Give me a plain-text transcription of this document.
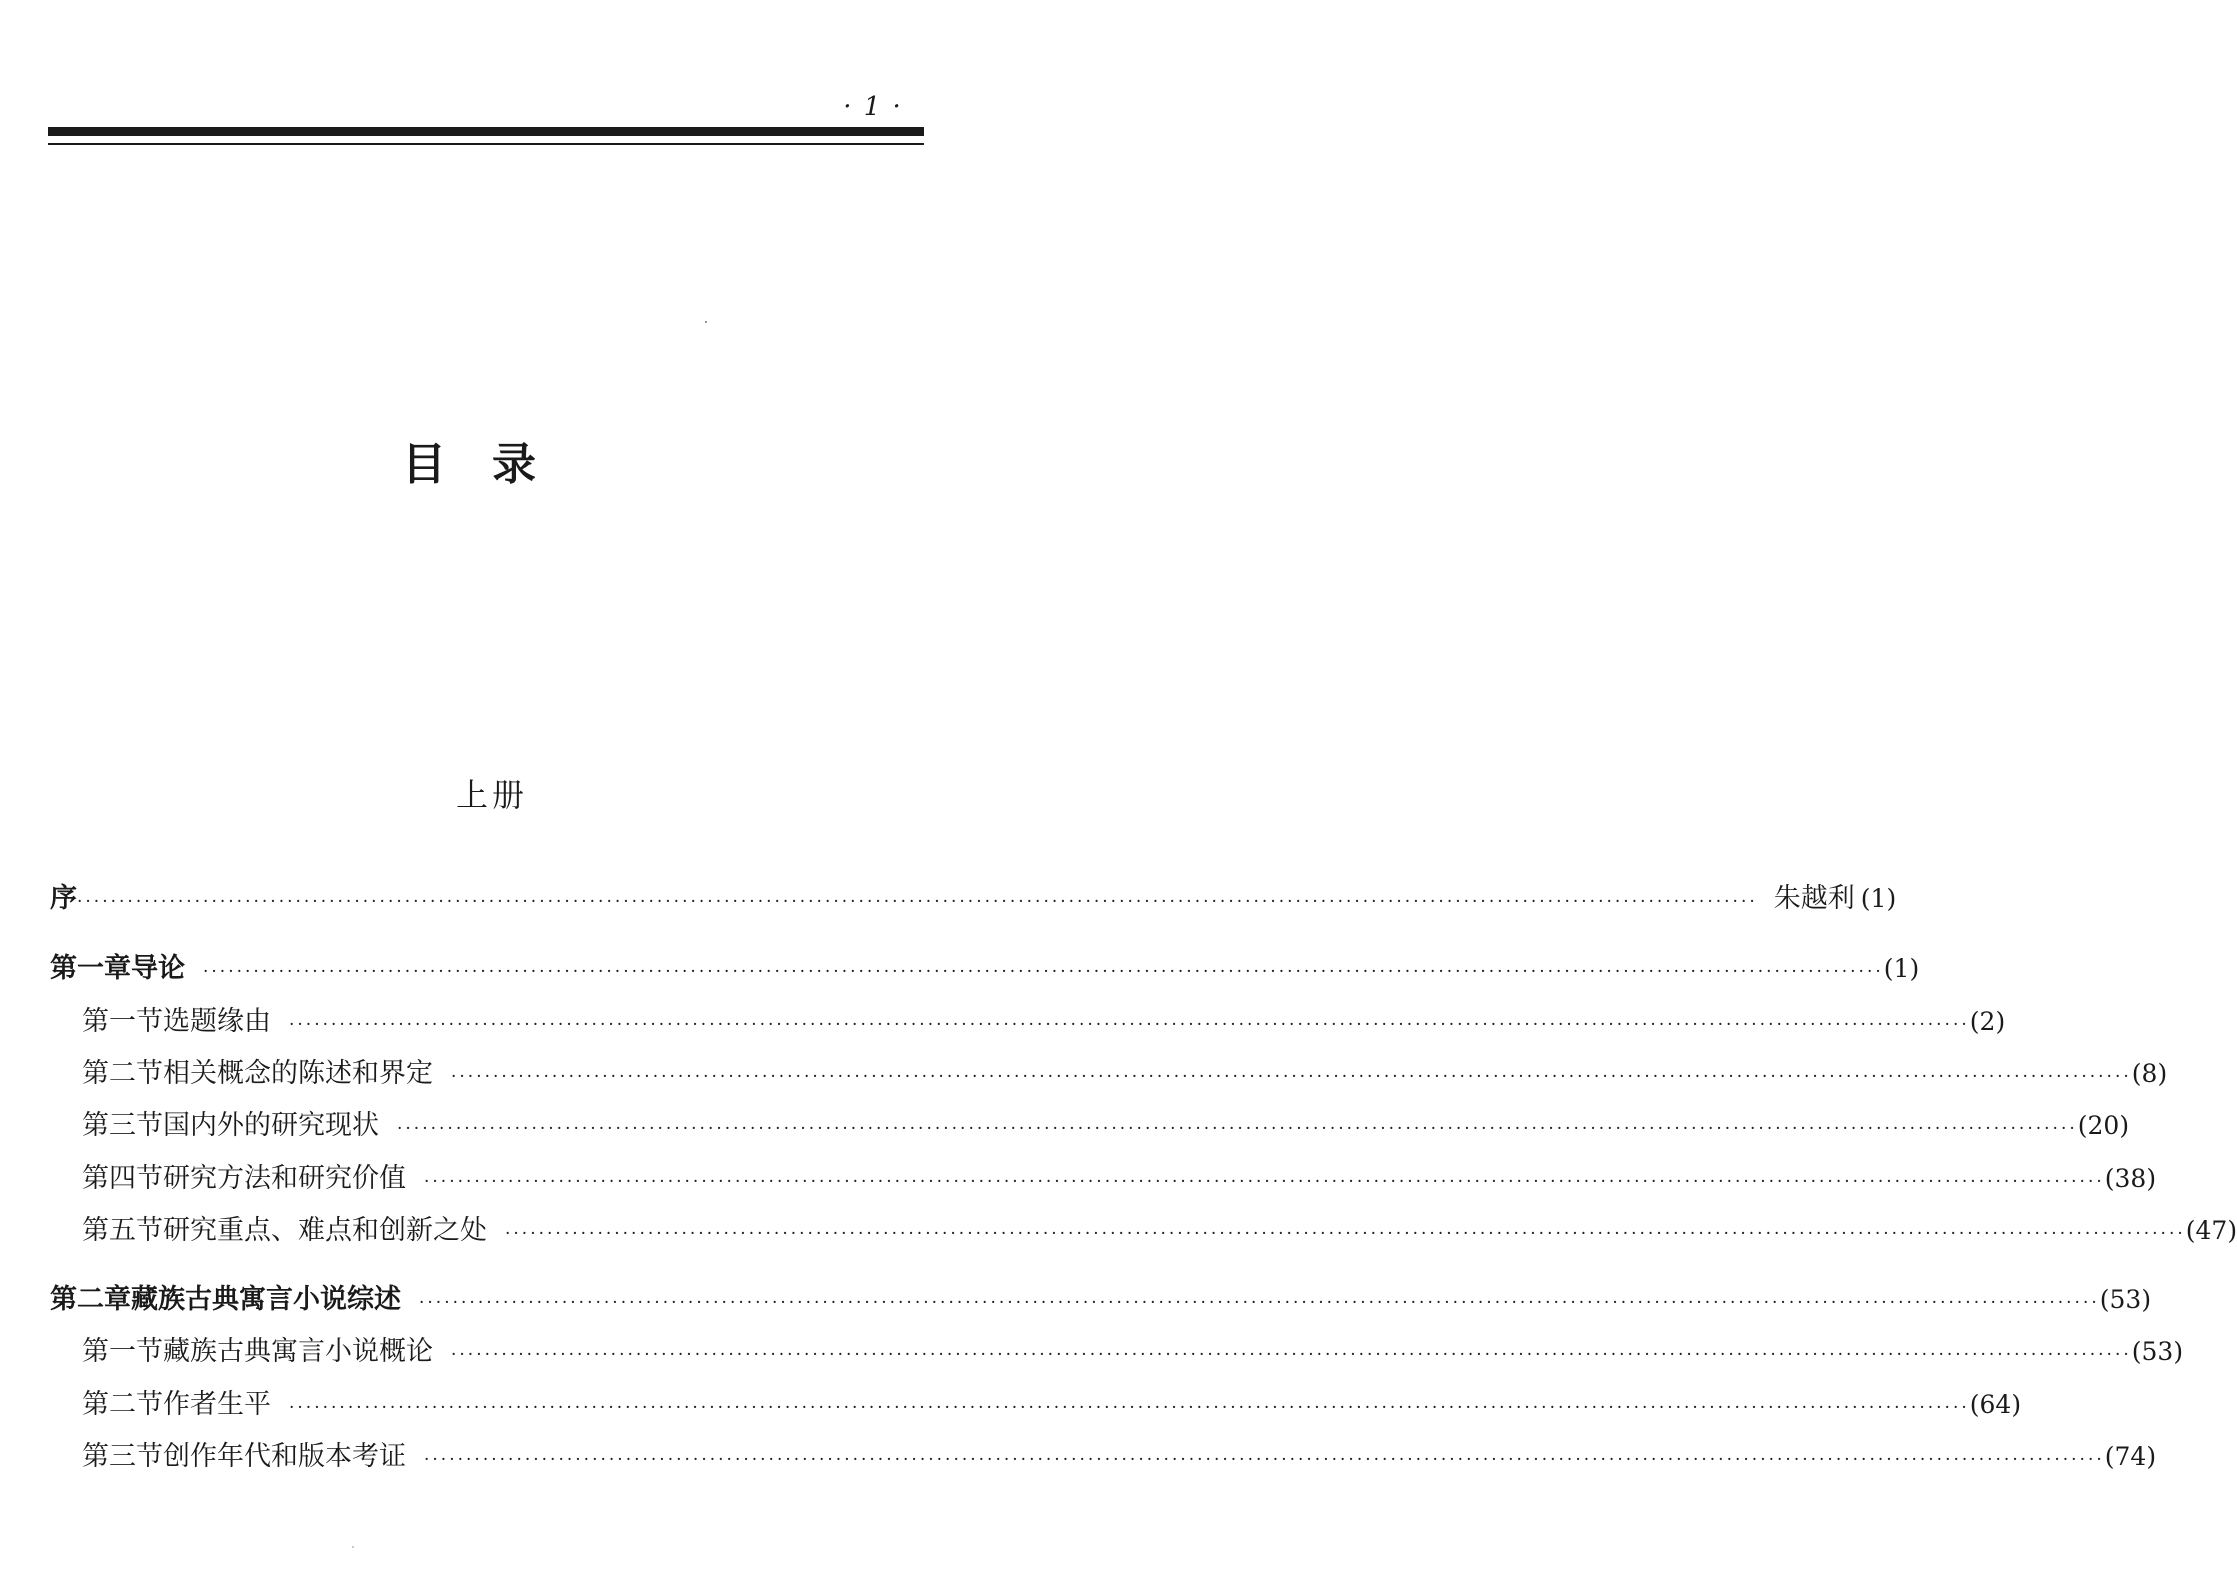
· 1 ·
目录
上册
序 ········································································································································································································ 朱越利 ( 1 )
第一章 导论	········································································································································································································ ( 1 )
第一节 选题缘由	········································································································································································································ ( 2 )
第二节 相关概念的陈述和界定	········································································································································································································ ( 8 )
第三节 国内外的研究现状	········································································································································································································ ( 20 )
第四节 研究方法和研究价值	········································································································································································································ ( 38 )
第五节 研究重点、难点和创新之处	········································································································································································································ ( 47 )
第二章 藏族古典寓言小说综述	········································································································································································································ ( 53 )
第一节 藏族古典寓言小说概论	········································································································································································································ ( 53 )
第二节 作者生平	········································································································································································································ ( 64 )
第三节 创作年代和版本考证	········································································································································································································ ( 74 )
